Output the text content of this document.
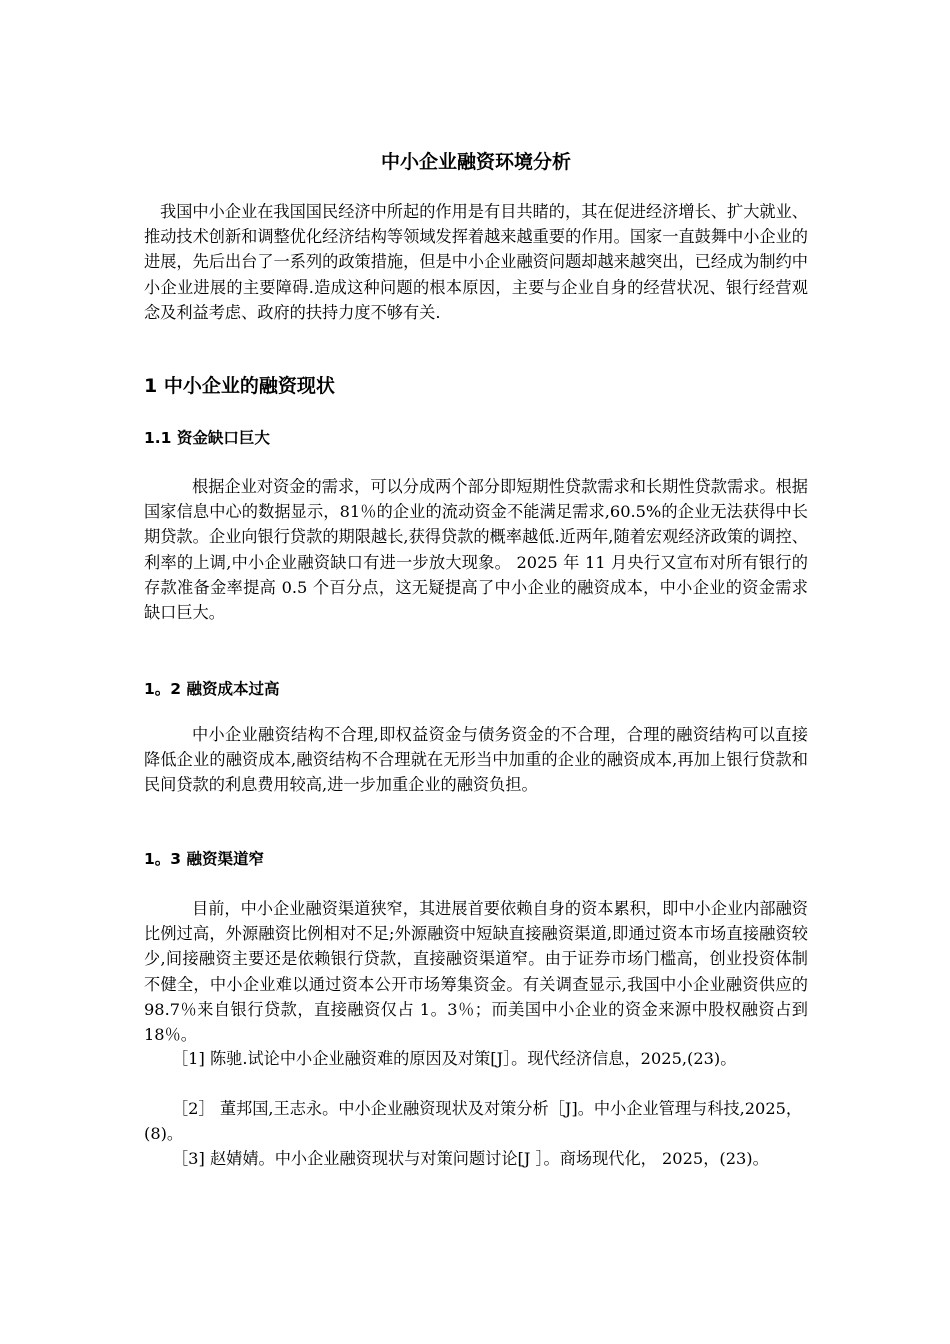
中小企业融资环境分析

我国中小企业在我国国民经济中所起的作用是有目共睹的，其在促进经济增长、扩大就业、推动技术创新和调整优化经济结构等领域发挥着越来越重要的作用。国家一直鼓舞中小企业的进展，先后出台了一系列的政策措施，但是中小企业融资问题却越来越突出，已经成为制约中小企业进展的主要障碍.造成这种问题的根本原因，主要与企业自身的经营状况、银行经营观念及利益考虑、政府的扶持力度不够有关.

1 中小企业的融资现状
1.1 资金缺口巨大

根据企业对资金的需求，可以分成两个部分即短期性贷款需求和长期性贷款需求。根据国家信息中心的数据显示，81％的企业的流动资金不能满足需求,60.5%的企业无法获得中长期贷款。企业向银行贷款的期限越长,获得贷款的概率越低.近两年,随着宏观经济政策的调控、利率的上调,中小企业融资缺口有进一步放大现象。 2025 年 11 月央行又宣布对所有银行的存款准备金率提高 0.5 个百分点，这无疑提高了中小企业的融资成本，中小企业的资金需求缺口巨大。

1。2 融资成本过高

中小企业融资结构不合理,即权益资金与债务资金的不合理，合理的融资结构可以直接降低企业的融资成本,融资结构不合理就在无形当中加重的企业的融资成本,再加上银行贷款和民间贷款的利息费用较高,进一步加重企业的融资负担。

1。3 融资渠道窄

目前，中小企业融资渠道狭窄，其进展首要依赖自身的资本累积，即中小企业内部融资比例过高，外源融资比例相对不足;外源融资中短缺直接融资渠道,即通过资本市场直接融资较少,间接融资主要还是依赖银行贷款，直接融资渠道窄。由于证券市场门槛高，创业投资体制不健全，中小企业难以通过资本公开市场筹集资金。有关调查显示,我国中小企业融资供应的 98.7％来自银行贷款，直接融资仅占 1。3％；而美国中小企业的资金来源中股权融资占到 18％。

［1] 陈驰.试论中小企业融资难的原因及对策[J］。现代经济信息，2025,(23)。

［2］ 董邦国,王志永。中小企业融资现状及对策分析［J]。中小企业管理与科技,2025，(8)。

［3] 赵婧婧。中小企业融资现状与对策问题讨论[J ］。商场现代化， 2025，(23)。
